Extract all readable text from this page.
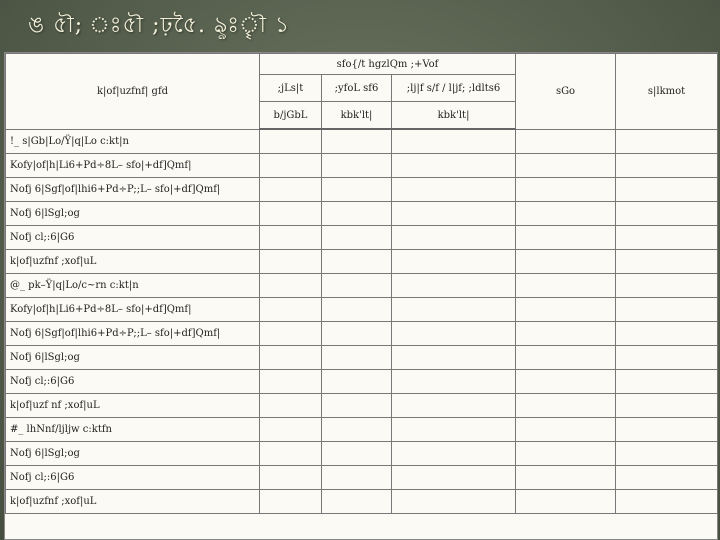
ঙ ৫ৗ; ঃ৫ৗ ;ঢ়৫ৈ. ৡঃৄৗ ১
k|of|uzfnf| gfd	sfo{/t hgzlQm ;+Vof			sGo	s|lkmot
	;jLs|t	;yfoL sf6	;lj|f s/f / l|jf; ;ldlts6		
	b/jGbL	kbk'lt|	kbk'lt|		
!_ s|Gb|Lo/Ÿ|q|Lo c:kt|n					
Kofy|of|h|Li6+Pd÷8L– sfo|+df]Qmf|					
Nofj 6|Sgf|of|lhi6+Pd÷P;;L– sfo|+df]Qmf|					
Nofj 6|lSgl;og					
Nofj cl;:6|G6					
k|of|uzfnf ;xof|uL					
@_ pk–Ÿ|q|Lo/c~rn c:kt|n					
Kofy|of|h|Li6+Pd÷8L– sfo|+df]Qmf|					
Nofj 6|Sgf|of|lhi6+Pd÷P;;L– sfo|+df]Qmf|					
Nofj 6|lSgl;og					
Nofj cl;:6|G6					
k|of|uzf nf ;xof|uL					
#_ lhNnf/ljljw c:ktfn					
Nofj 6|lSgl;og					
Nofj cl;:6|G6					
k|of|uzfnf ;xof|uL					
